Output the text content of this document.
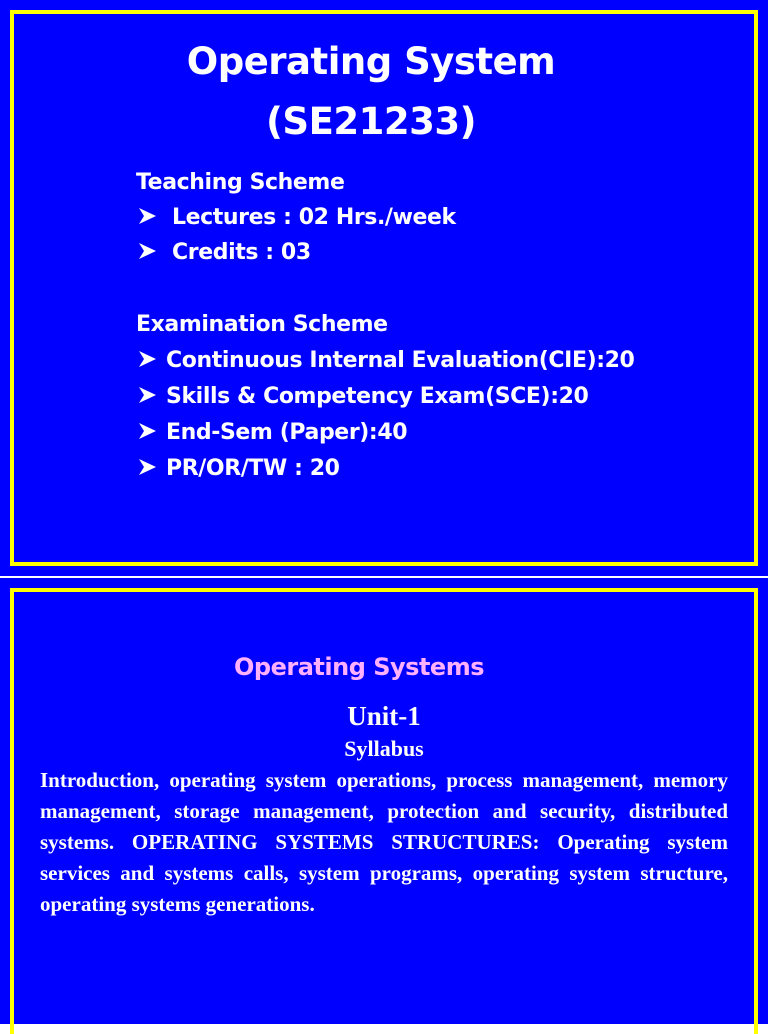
Operating System
(SE21233)
Teaching Scheme
Lectures : 02 Hrs./week
Credits : 03
Examination Scheme
Continuous Internal Evaluation(CIE):20
Skills & Competency Exam(SCE):20
End-Sem (Paper):40
PR/OR/TW : 20
Operating Systems
Unit-1
Syllabus
Introduction, operating system operations, process management, memory management, storage management, protection and security, distributed systems. OPERATING SYSTEMS STRUCTURES: Operating system services and systems calls, system programs, operating system structure, operating systems generations.
